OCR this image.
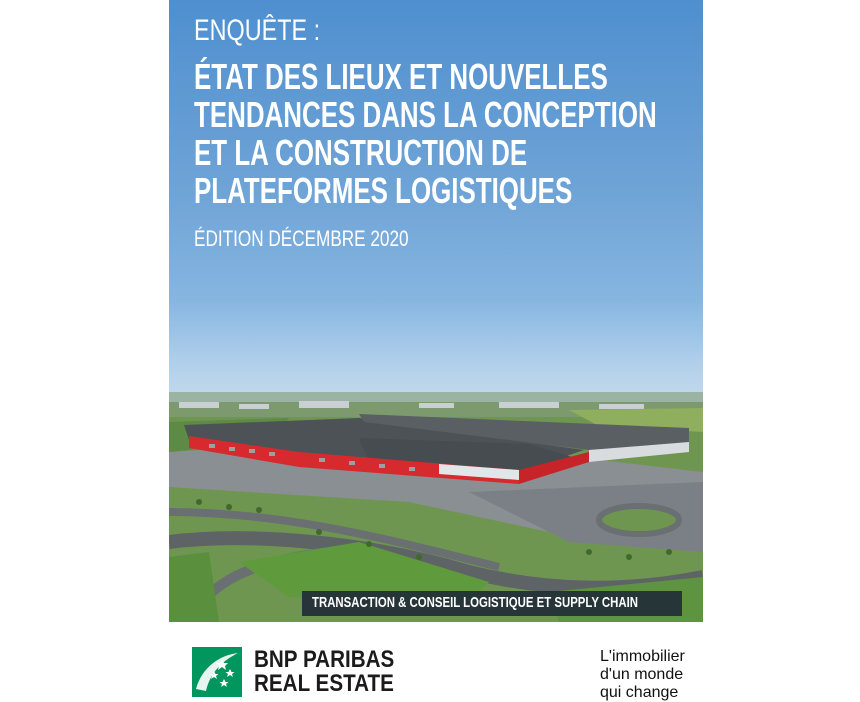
ENQUÊTE :
ÉTAT DES LIEUX ET NOUVELLES
TENDANCES DANS LA CONCEPTION
ET LA CONSTRUCTION DE
PLATEFORMES LOGISTIQUES
ÉDITION DÉCEMBRE 2020
TRANSACTION & CONSEIL LOGISTIQUE ET SUPPLY CHAIN
BNP PARIBAS
REAL ESTATE
L'immobilier
d'un monde
qui change
